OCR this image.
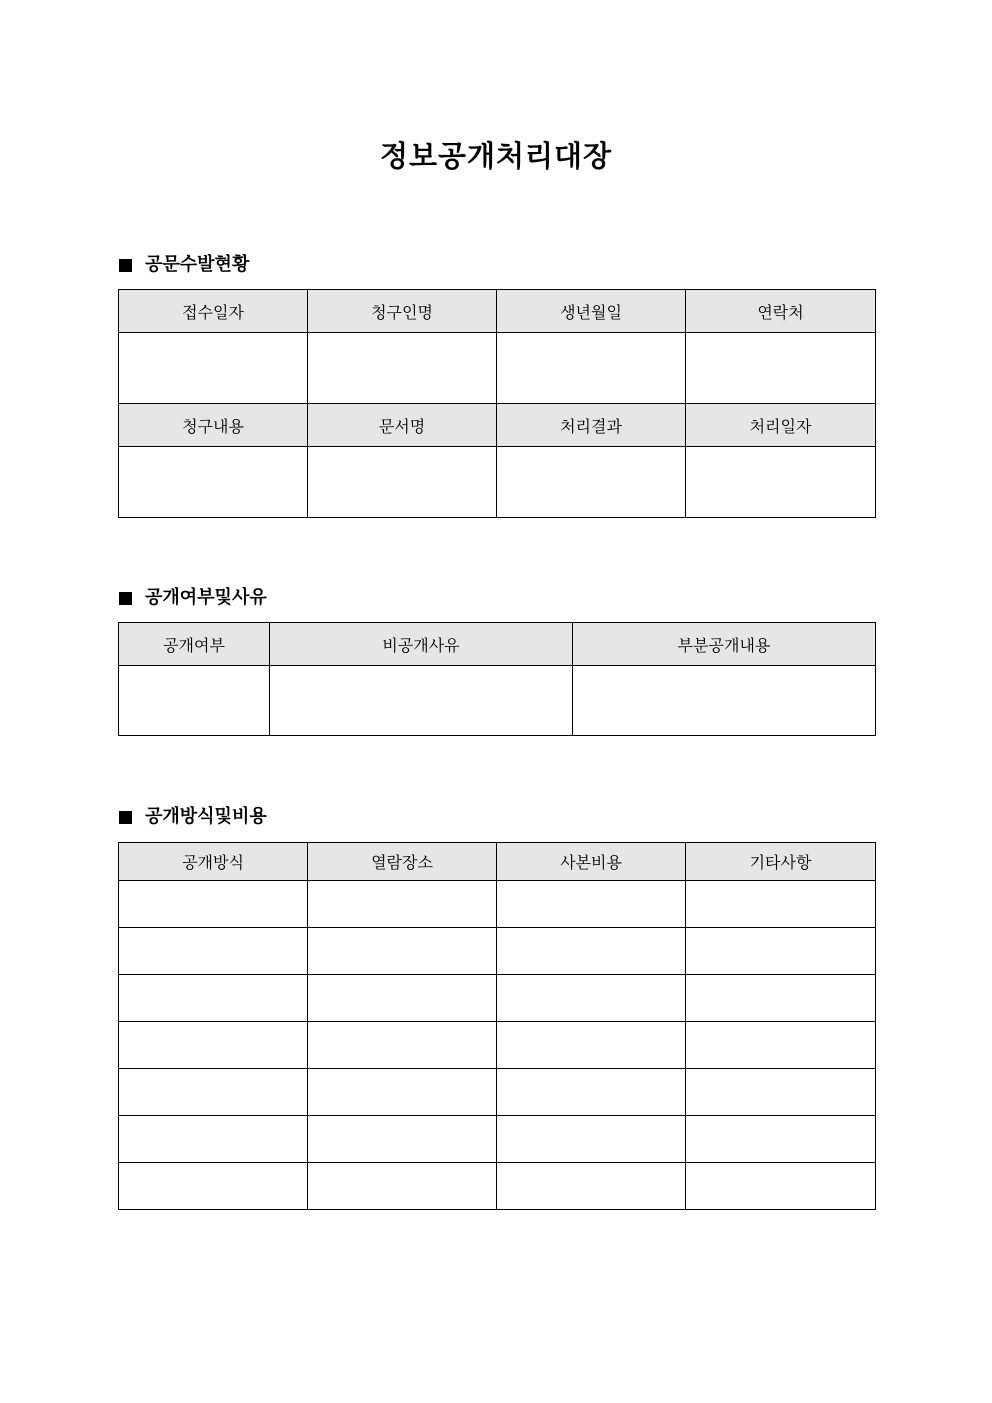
정보공개처리대장
공문수발현황
접수일자	청구인명	생년월일	연락처

청구내용	문서명	처리결과	처리일자

공개여부및사유
공개여부	비공개사유	부분공개내용

공개방식및비용
공개방식	열람장소	사본비용	기타사항
